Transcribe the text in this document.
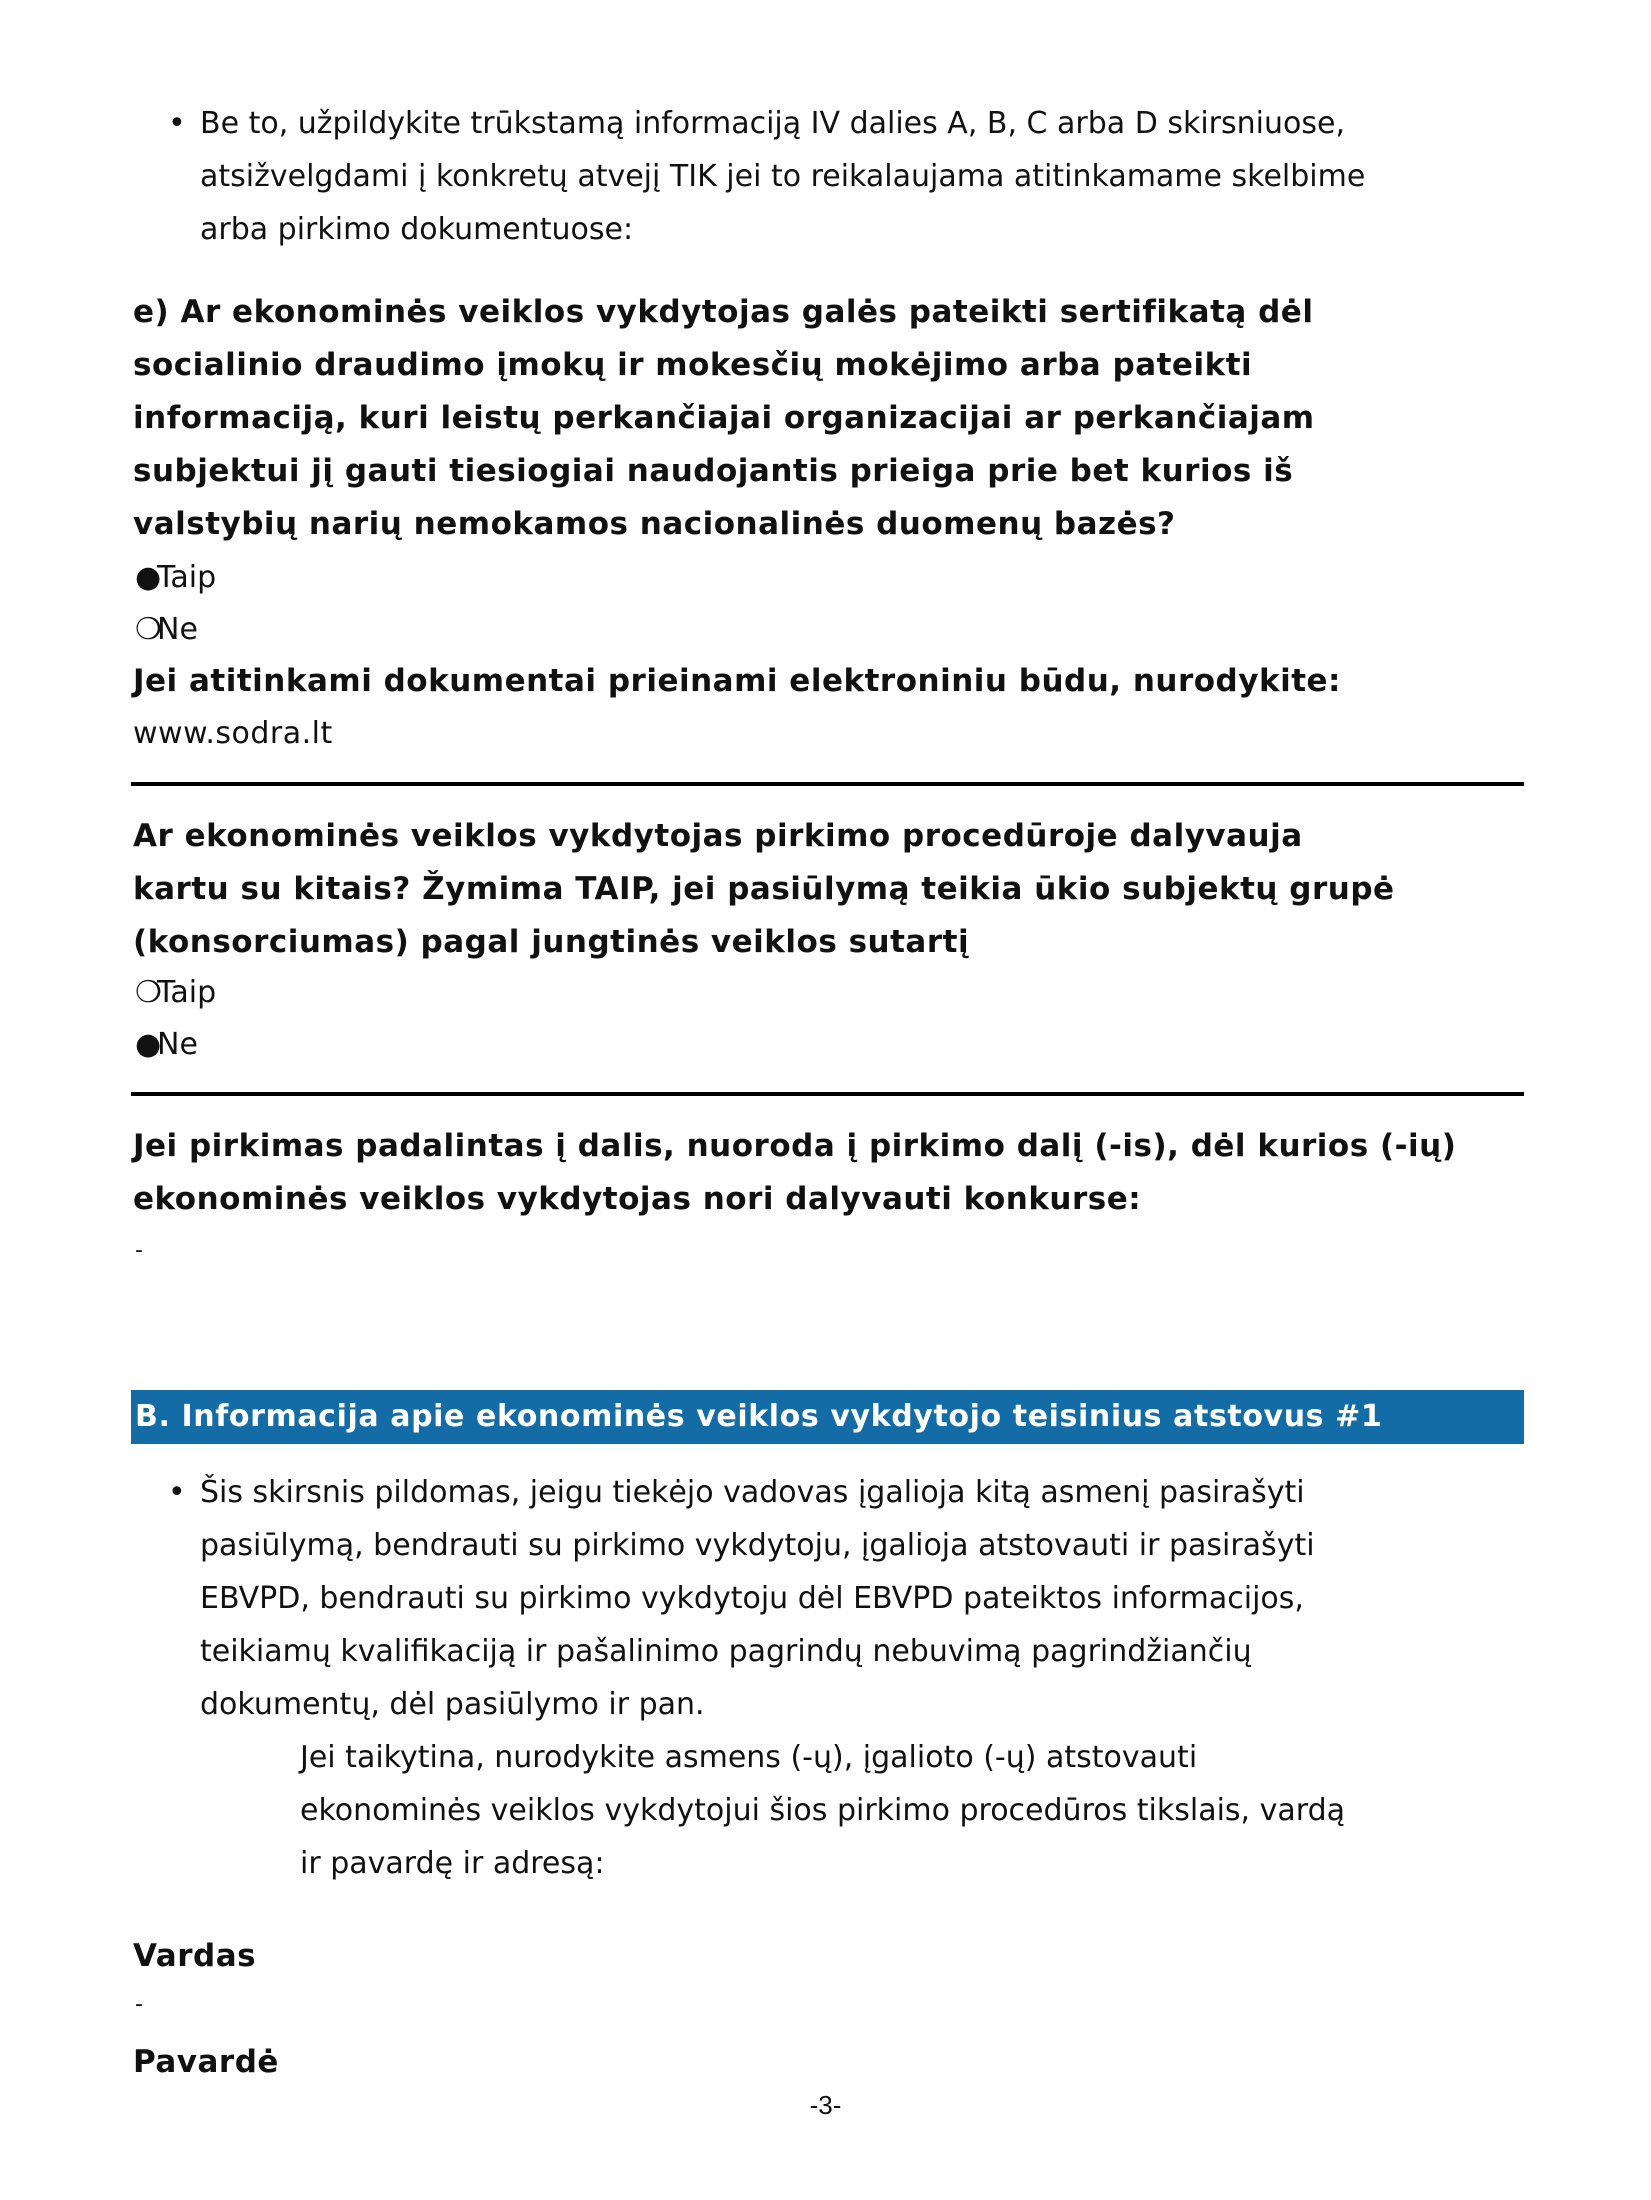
• Be to, užpildykite trūkstamą informaciją IV dalies A, B, C arba D skirsniuose,
atsižvelgdami į konkretų atvejį TIK jei to reikalaujama atitinkamame skelbime
arba pirkimo dokumentuose:
e) Ar ekonominės veiklos vykdytojas galės pateikti sertifikatą dėl
socialinio draudimo įmokų ir mokesčių mokėjimo arba pateikti
informaciją, kuri leistų perkančiajai organizacijai ar perkančiajam
subjektui jį gauti tiesiogiai naudojantis prieiga prie bet kurios iš
valstybių narių nemokamos nacionalinės duomenų bazės?
●Taip
❍Ne
Jei atitinkami dokumentai prieinami elektroniniu būdu, nurodykite:
www.sodra.lt
Ar ekonominės veiklos vykdytojas pirkimo procedūroje dalyvauja
kartu su kitais? Žymima TAIP, jei pasiūlymą teikia ūkio subjektų grupė
(konsorciumas) pagal jungtinės veiklos sutartį
❍Taip
●Ne
Jei pirkimas padalintas į dalis, nuoroda į pirkimo dalį (-is), dėl kurios (-ių)
ekonominės veiklos vykdytojas nori dalyvauti konkurse:
-
B. Informacija apie ekonominės veiklos vykdytojo teisinius atstovus #1
• Šis skirsnis pildomas, jeigu tiekėjo vadovas įgalioja kitą asmenį pasirašyti
pasiūlymą, bendrauti su pirkimo vykdytoju, įgalioja atstovauti ir pasirašyti
EBVPD, bendrauti su pirkimo vykdytoju dėl EBVPD pateiktos informacijos,
teikiamų kvalifikaciją ir pašalinimo pagrindų nebuvimą pagrindžiančių
dokumentų, dėl pasiūlymo ir pan.
Jei taikytina, nurodykite asmens (-ų), įgalioto (-ų) atstovauti
ekonominės veiklos vykdytojui šios pirkimo procedūros tikslais, vardą
ir pavardę ir adresą:
Vardas
-
Pavardė
-3-
